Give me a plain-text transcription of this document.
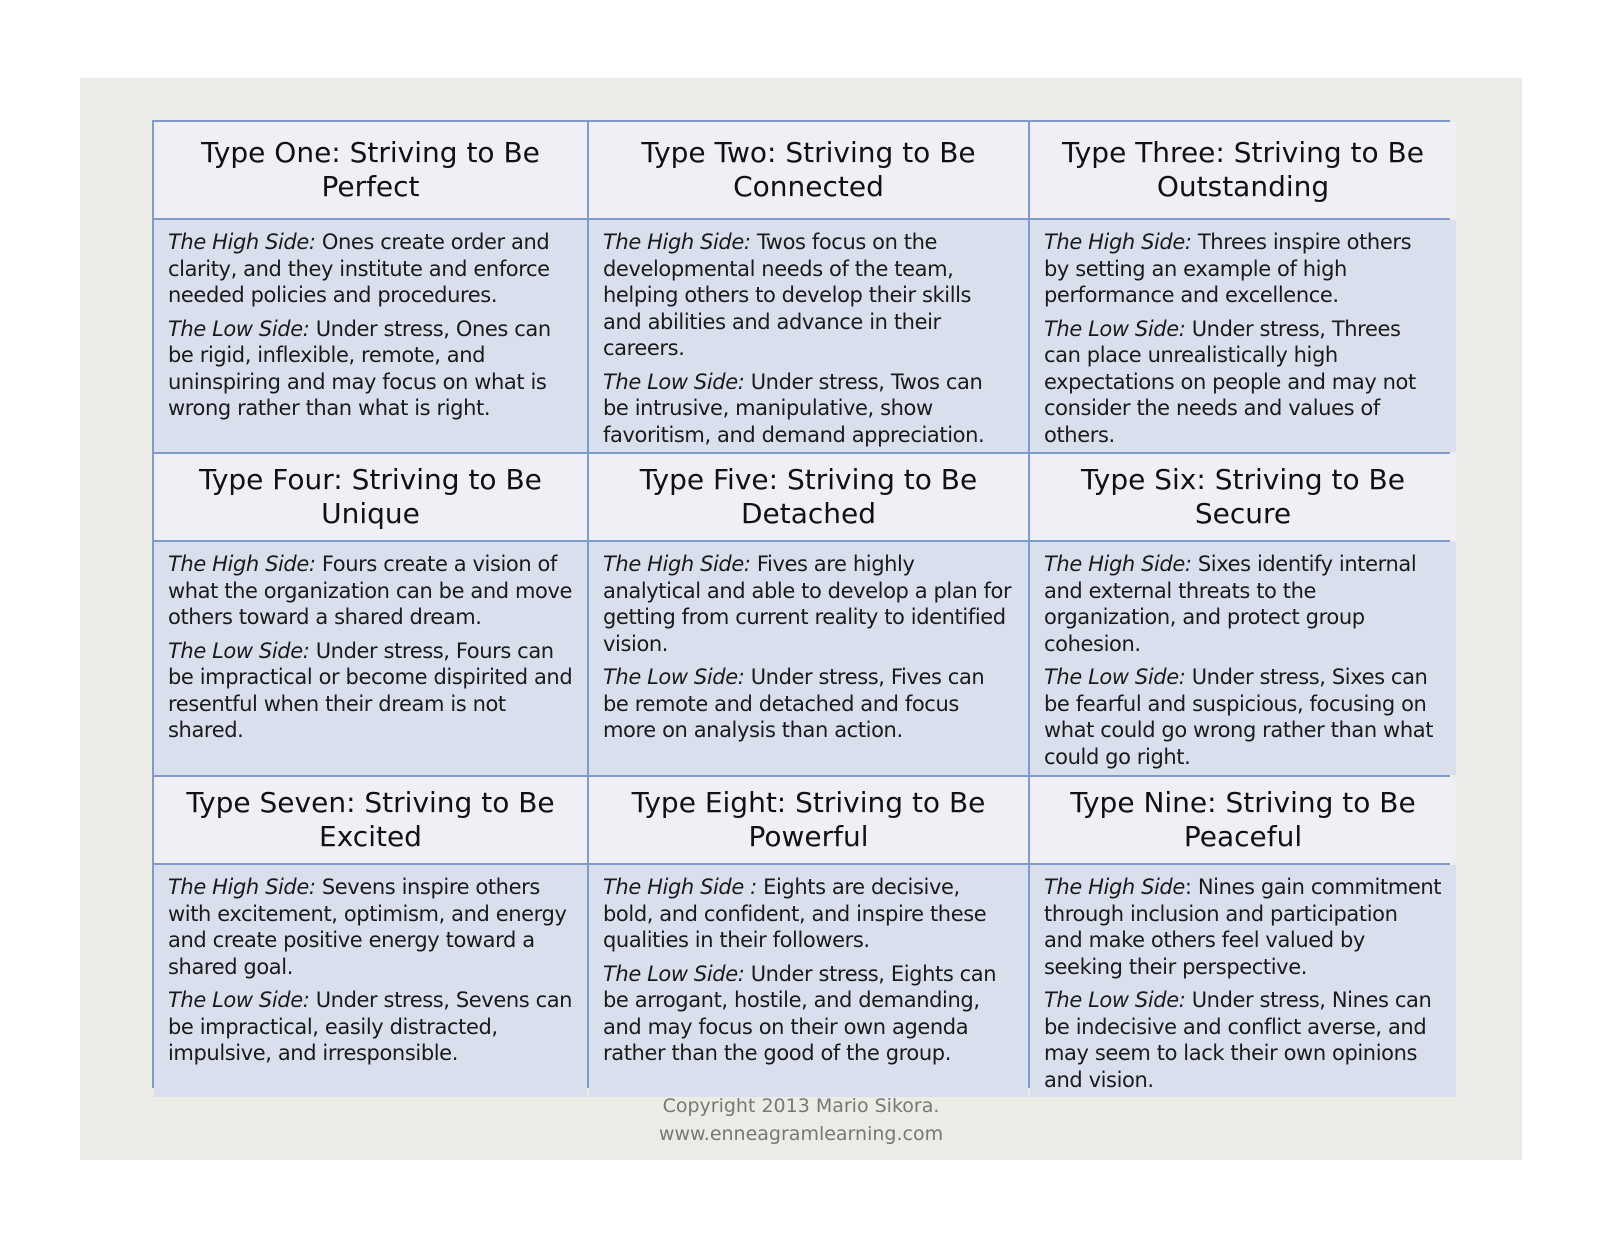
Type One: Striving to Be Perfect
Type Two: Striving to Be Connected
Type Three: Striving to Be Outstanding

The High Side: Ones create order and clarity, and they institute and enforce needed policies and procedures.

The Low Side: Under stress, Ones can be rigid, inflexible, remote, and uninspiring and may focus on what is wrong rather than what is right.

The High Side: Twos focus on the developmental needs of the team, helping others to develop their skills and abilities and advance in their careers.

The Low Side: Under stress, Twos can be intrusive, manipulative, show favoritism, and demand appreciation.

The High Side: Threes inspire others by setting an example of high performance and excellence.

The Low Side: Under stress, Threes can place unrealistically high expectations on people and may not consider the needs and values of others.

Type Four: Striving to Be Unique
Type Five: Striving to Be Detached
Type Six: Striving to Be Secure

The High Side: Fours create a vision of what the organization can be and move others toward a shared dream.

The Low Side: Under stress, Fours can be impractical or become dispirited and resentful when their dream is not shared.

The High Side: Fives are highly analytical and able to develop a plan for getting from current reality to identified vision.

The Low Side: Under stress, Fives can be remote and detached and focus more on analysis than action.

The High Side: Sixes identify internal and external threats to the organization, and protect group cohesion.

The Low Side: Under stress, Sixes can be fearful and suspicious, focusing on what could go wrong rather than what could go right.

Type Seven: Striving to Be Excited
Type Eight: Striving to Be Powerful
Type Nine: Striving to Be Peaceful

The High Side: Sevens inspire others with excitement, optimism, and energy and create positive energy toward a shared goal.

The Low Side: Under stress, Sevens can be impractical, easily distracted, impulsive, and irresponsible.

The High Side : Eights are decisive, bold, and confident, and inspire these qualities in their followers.

The Low Side: Under stress, Eights can be arrogant, hostile, and demanding, and may focus on their own agenda rather than the good of the group.

The High Side: Nines gain commitment through inclusion and participation and make others feel valued by seeking their perspective.

The Low Side: Under stress, Nines can be indecisive and conflict averse, and may seem to lack their own opinions and vision.

Copyright 2013 Mario Sikora.
www.enneagramlearning.com
